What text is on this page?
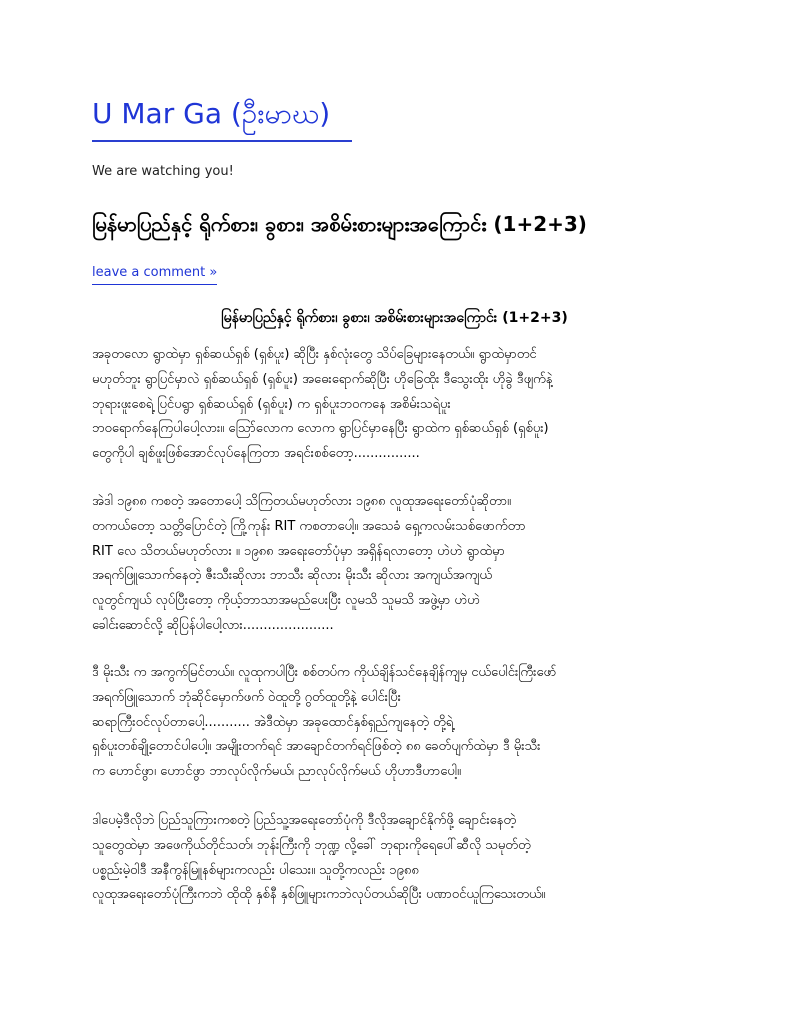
U Mar Ga (ဦးမာဃ)

We are watching you!

မြန်မာပြည်နှင့် ရိုက်စား၊ ခွစား၊ အစိမ်းစားများအကြောင်း (1+2+3)
leave a comment »
မြန်မာပြည်နှင့် ရိုက်စား၊ ခွစား၊ အစိမ်းစားများအကြောင်း (1+2+3)
အခုတလော ရွာထဲမှာ ရှစ်ဆယ်ရှစ် (ရှစ်ပူး) ဆိုပြီး နှစ်လုံးတွေ သိပ်ခြေများနေတယ်။ ရွာထဲမှာတင်
မဟုတ်ဘူး ရွာပြင်မှာလဲ ရှစ်ဆယ်ရှစ် (ရှစ်ပူး) အဓေးရောက်ဆိုပြီး ဟိုခြေထိုး ဒီသွေးထိုး ဟိုခွဲ ဒီဖျက်နဲ့
ဘုရားဖူးစေရဲ့ ပြင်ပရွာ ရှစ်ဆယ်ရှစ် (ရှစ်ပူး) က ရှစ်ပူးဘဝကနေ အစိမ်းသရဲပူး
ဘဝရောက်နေကြပါပေါ့လား။ ဩော်လောက လောက ရွာပြင်မှာနေပြီး ရွာထဲက ရှစ်ဆယ်ရှစ် (ရှစ်ပူး)
တွေကိုပါ ချစ်ဖူးဖြစ်အောင်လုပ်နေကြတာ အရင်းစစ်တော့................
အဲဒါ ၁၉၈၈ ကစတဲ့ အတောပေါ့ သိကြတယ်မဟုတ်လား ၁၉၈၈ လူထုအရေးတော်ပုံဆိုတာ။
တကယ်တော့ သတ္တိပြောင်တဲ့ ကြို့ကုန်း RIT ကစတာပေါ့။ အသေခံ ရှေ့ကလမ်းသစ်ဖောက်တာ
RIT လေ သိတယ်မဟုတ်လား ။ ၁၉၈၈ အရေးတော်ပုံမှာ အရှိန်ရလာတော့ ဟဲဟဲ ရွာထဲမှာ
အရက်ဖြူသောက်နေတဲ့ ဇီးသီးဆိုလား ဘာသီး ဆိုလား မိုးသီး ဆိုလား အကျယ်အကျယ်
လူတွင်ကျယ် လုပ်ပြီးတော့ ကိုယ့်ဘာသာအမည်ပေးပြီး လူမသိ သူမသိ အဖွဲ့မှာ ဟဲဟဲ
ခေါင်းဆောင်လို့ ဆိုပြန်ပါပေါ့လား......................
ဒီ မိုးသီး က အကွက်မြင်တယ်။ လူထုကပါပြီး စစ်တပ်က ကိုယ်ချိန်သင်နေချိန်ကျမှ ငယ်ပေါင်းကြီးဖော်
အရက်ဖြူသောက် ဘုံဆိုင်မှောက်ဖက် ဝဲထူတို့ ဂွတ်ထူတို့နဲ့ ပေါင်းပြီး
ဆရာကြီးဝင်လုပ်တာပေါ့........... အဲဒီထဲမှာ အခုထောင်နှစ်ရှည်ကျနေတဲ့ တို့ရဲ့
ရှစ်ပူးတစ်ချို့တောင်ပါပေါ့။ အမျိုးတက်ရင် အာချောင်တက်ရင်ဖြစ်တဲ့ ၈၈ ခေတ်ပျက်ထဲမှာ ဒီ မိုးသီး
က ဟောင်ဖွာ၊ ဟောင်ဖွာ ဘာလုပ်လိုက်မယ်၊ ညာလုပ်လိုက်မယ် ဟိုဟာဒီဟာပေါ့။
ဒါပေမဲ့ဒီလိုဘဲ ပြည်သူကြားကစတဲ့ ပြည်သူ့အရေးတော်ပုံကို ဒီလိုအချောင်နိုက်ဖို့ ချောင်းနေတဲ့
သူတွေထဲမှာ အဖေကိုယ်တိုင်သတ်၊ ဘုန်းကြီးကို ဘုဏ္ဍ လို့ခေါ် ဘုရားကိုရေပေါ်ဆီလို သမုတ်တဲ့
ပစ္စည်းမဲ့ဝါဒီ အနီကွန်မြူနစ်များကလည်း ပါသေး။ သူတို့ကလည်း ၁၉၈၈
လူထုအရေးတော်ပုံကြီးကဘဲ ထိုထို နှစ်နီ နှစ်ဖြူများကဘဲလုပ်တယ်ဆိုပြီး ပဏာဝင်ယူကြသေးတယ်။
